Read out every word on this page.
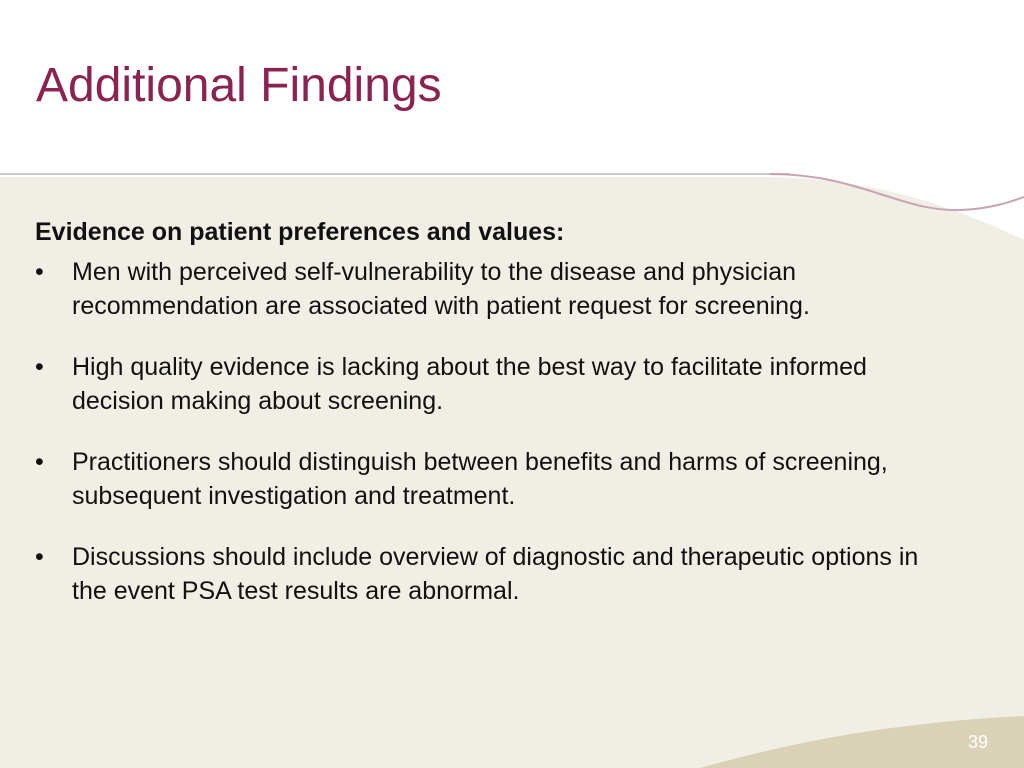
Additional Findings
Evidence on patient preferences and values:
•	Men with perceived self-vulnerability to the disease and physician recommendation are associated with patient request for screening.
•	High quality evidence is lacking about the best way to facilitate informed decision making about screening.
•	Practitioners should distinguish between benefits and harms of screening, subsequent investigation and treatment.
•	Discussions should include overview of diagnostic and therapeutic options in the event PSA test results are abnormal.
39
